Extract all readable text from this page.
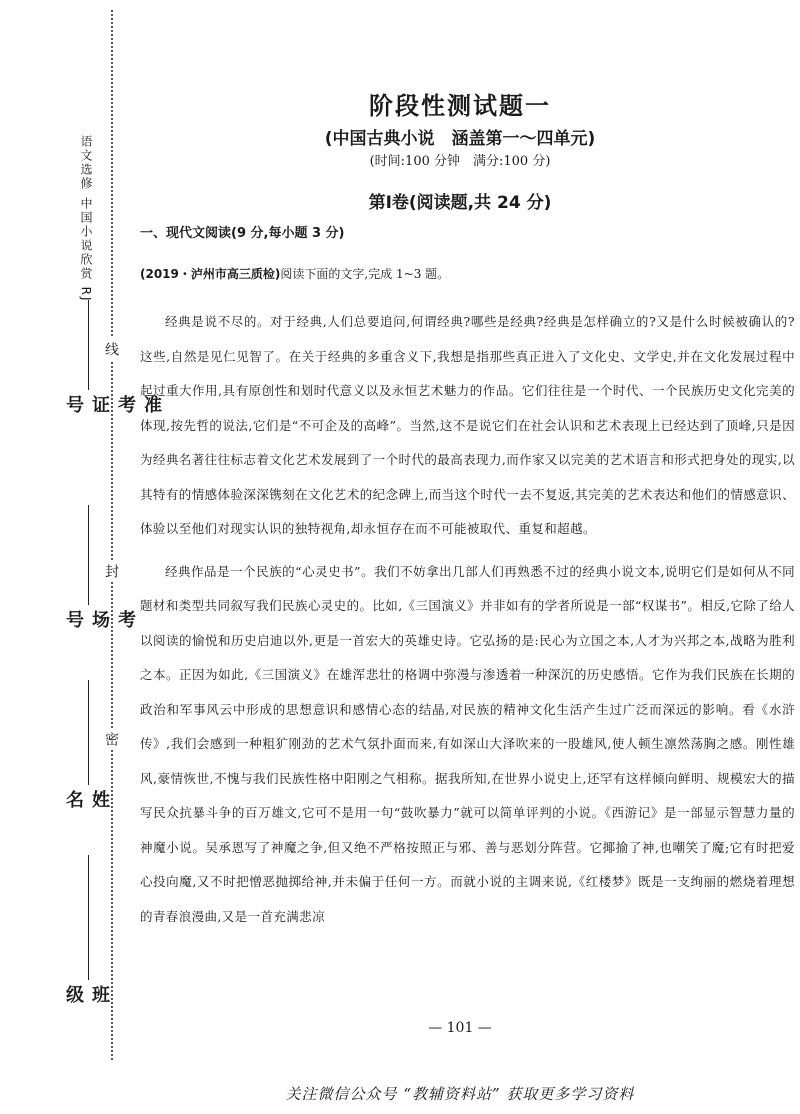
语文选修 中国小说欣赏 RJ
线
封
密
准考证号
考场号
姓名
班级
阶段性测试题一
(中国古典小说　涵盖第一～四单元)
(时间:100 分钟　满分:100 分)
第Ⅰ卷(阅读题,共 24 分)
一、现代文阅读(9 分,每小题 3 分)
(2019・泸州市高三质检)阅读下面的文字,完成 1~3 题。

经典是说不尽的。对于经典,人们总要追问,何谓经典?哪些是经典?经典是怎样确立的?又是什么时候被确认的?这些,自然是见仁见智了。在关于经典的多重含义下,我想是指那些真正进入了文化史、文学史,并在文化发展过程中起过重大作用,具有原创性和划时代意义以及永恒艺术魅力的作品。它们往往是一个时代、一个民族历史文化完美的体现,按先哲的说法,它们是“不可企及的高峰”。当然,这不是说它们在社会认识和艺术表现上已经达到了顶峰,只是因为经典名著往往标志着文化艺术发展到了一个时代的最高表现力,而作家又以完美的艺术语言和形式把身处的现实,以其特有的情感体验深深镌刻在文化艺术的纪念碑上,而当这个时代一去不复返,其完美的艺术表达和他们的情感意识、体验以至他们对现实认识的独特视角,却永恒存在而不可能被取代、重复和超越。

经典作品是一个民族的“心灵史书”。我们不妨拿出几部人们再熟悉不过的经典小说文本,说明它们是如何从不同题材和类型共同叙写我们民族心灵史的。比如,《三国演义》并非如有的学者所说是一部“权谋书”。相反,它除了给人以阅读的愉悦和历史启迪以外,更是一首宏大的英雄史诗。它弘扬的是:民心为立国之本,人才为兴邦之本,战略为胜利之本。正因为如此,《三国演义》在雄浑悲壮的格调中弥漫与渗透着一种深沉的历史感悟。它作为我们民族在长期的政治和军事风云中形成的思想意识和感情心态的结晶,对民族的精神文化生活产生过广泛而深远的影响。看《水浒传》,我们会感到一种粗犷刚劲的艺术气氛扑面而来,有如深山大泽吹来的一股雄风,使人顿生凛然荡胸之感。刚性雄风,豪情恢世,不愧与我们民族性格中阳刚之气相称。据我所知,在世界小说史上,还罕有这样倾向鲜明、规模宏大的描写民众抗暴斗争的百万雄文,它可不是用一句“鼓吹暴力”就可以简单评判的小说。《西游记》是一部显示智慧力量的神魔小说。吴承恩写了神魔之争,但又绝不严格按照正与邪、善与恶划分阵营。它揶揄了神,也嘲笑了魔;它有时把爱心投向魔,又不时把憎恶抛掷给神,并未偏于任何一方。而就小说的主调来说,《红楼梦》既是一支绚丽的燃烧着理想的青春浪漫曲,又是一首充满悲凉

— 101 —
关注微信公众号 “教辅资料站” 获取更多学习资料
